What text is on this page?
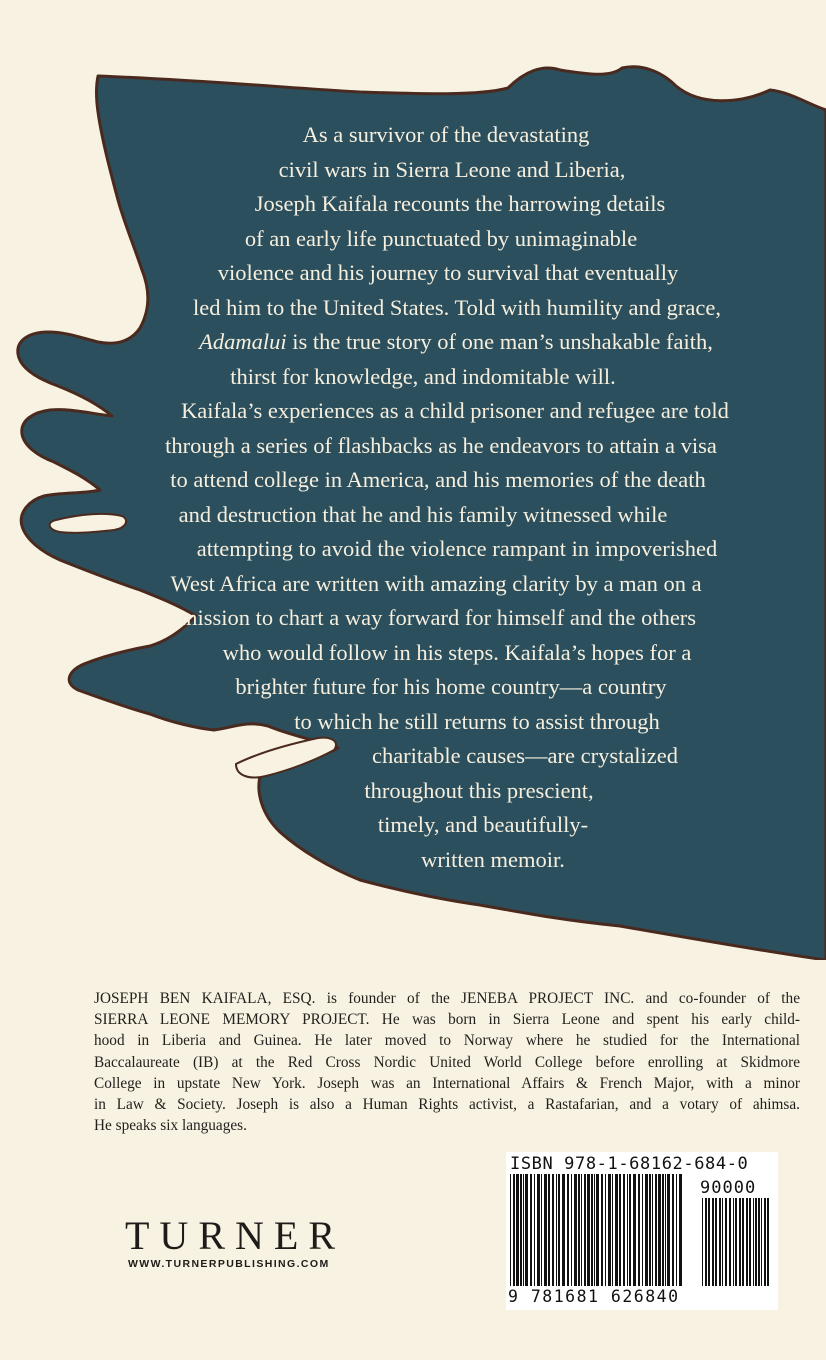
As a survivor of the devastating
civil wars in Sierra Leone and Liberia,
Joseph Kaifala recounts the harrowing details
of an early life punctuated by unimaginable
violence and his journey to survival that eventually
led him to the United States. Told with humility and grace,
Adamalui is the true story of one man’s unshakable faith,
thirst for knowledge, and indomitable will.
Kaifala’s experiences as a child prisoner and refugee are told
through a series of flashbacks as he endeavors to attain a visa
to attend college in America, and his memories of the death
and destruction that he and his family witnessed while
attempting to avoid the violence rampant in impoverished
West Africa are written with amazing clarity by a man on a
mission to chart a way forward for himself and the others
who would follow in his steps. Kaifala’s hopes for a
brighter future for his home country—a country
to which he still returns to assist through
charitable causes—are crystalized
throughout this prescient,
timely, and beautifully-
written memoir.
JOSEPH BEN KAIFALA, ESQ. is founder of the JENEBA PROJECT INC. and co-founder of the
SIERRA LEONE MEMORY PROJECT. He was born in Sierra Leone and spent his early child-
hood in Liberia and Guinea. He later moved to Norway where he studied for the International
Baccalaureate (IB) at the Red Cross Nordic United World College before enrolling at Skidmore
College in upstate New York. Joseph was an International Affairs & French Major, with a minor
in Law & Society. Joseph is also a Human Rights activist, a Rastafarian, and a votary of ahimsa.
He speaks six languages.
TURNER
WWW.TURNERPUBLISHING.COM
ISBN 978-1-68162-684-0
90000
9 781681 626840
